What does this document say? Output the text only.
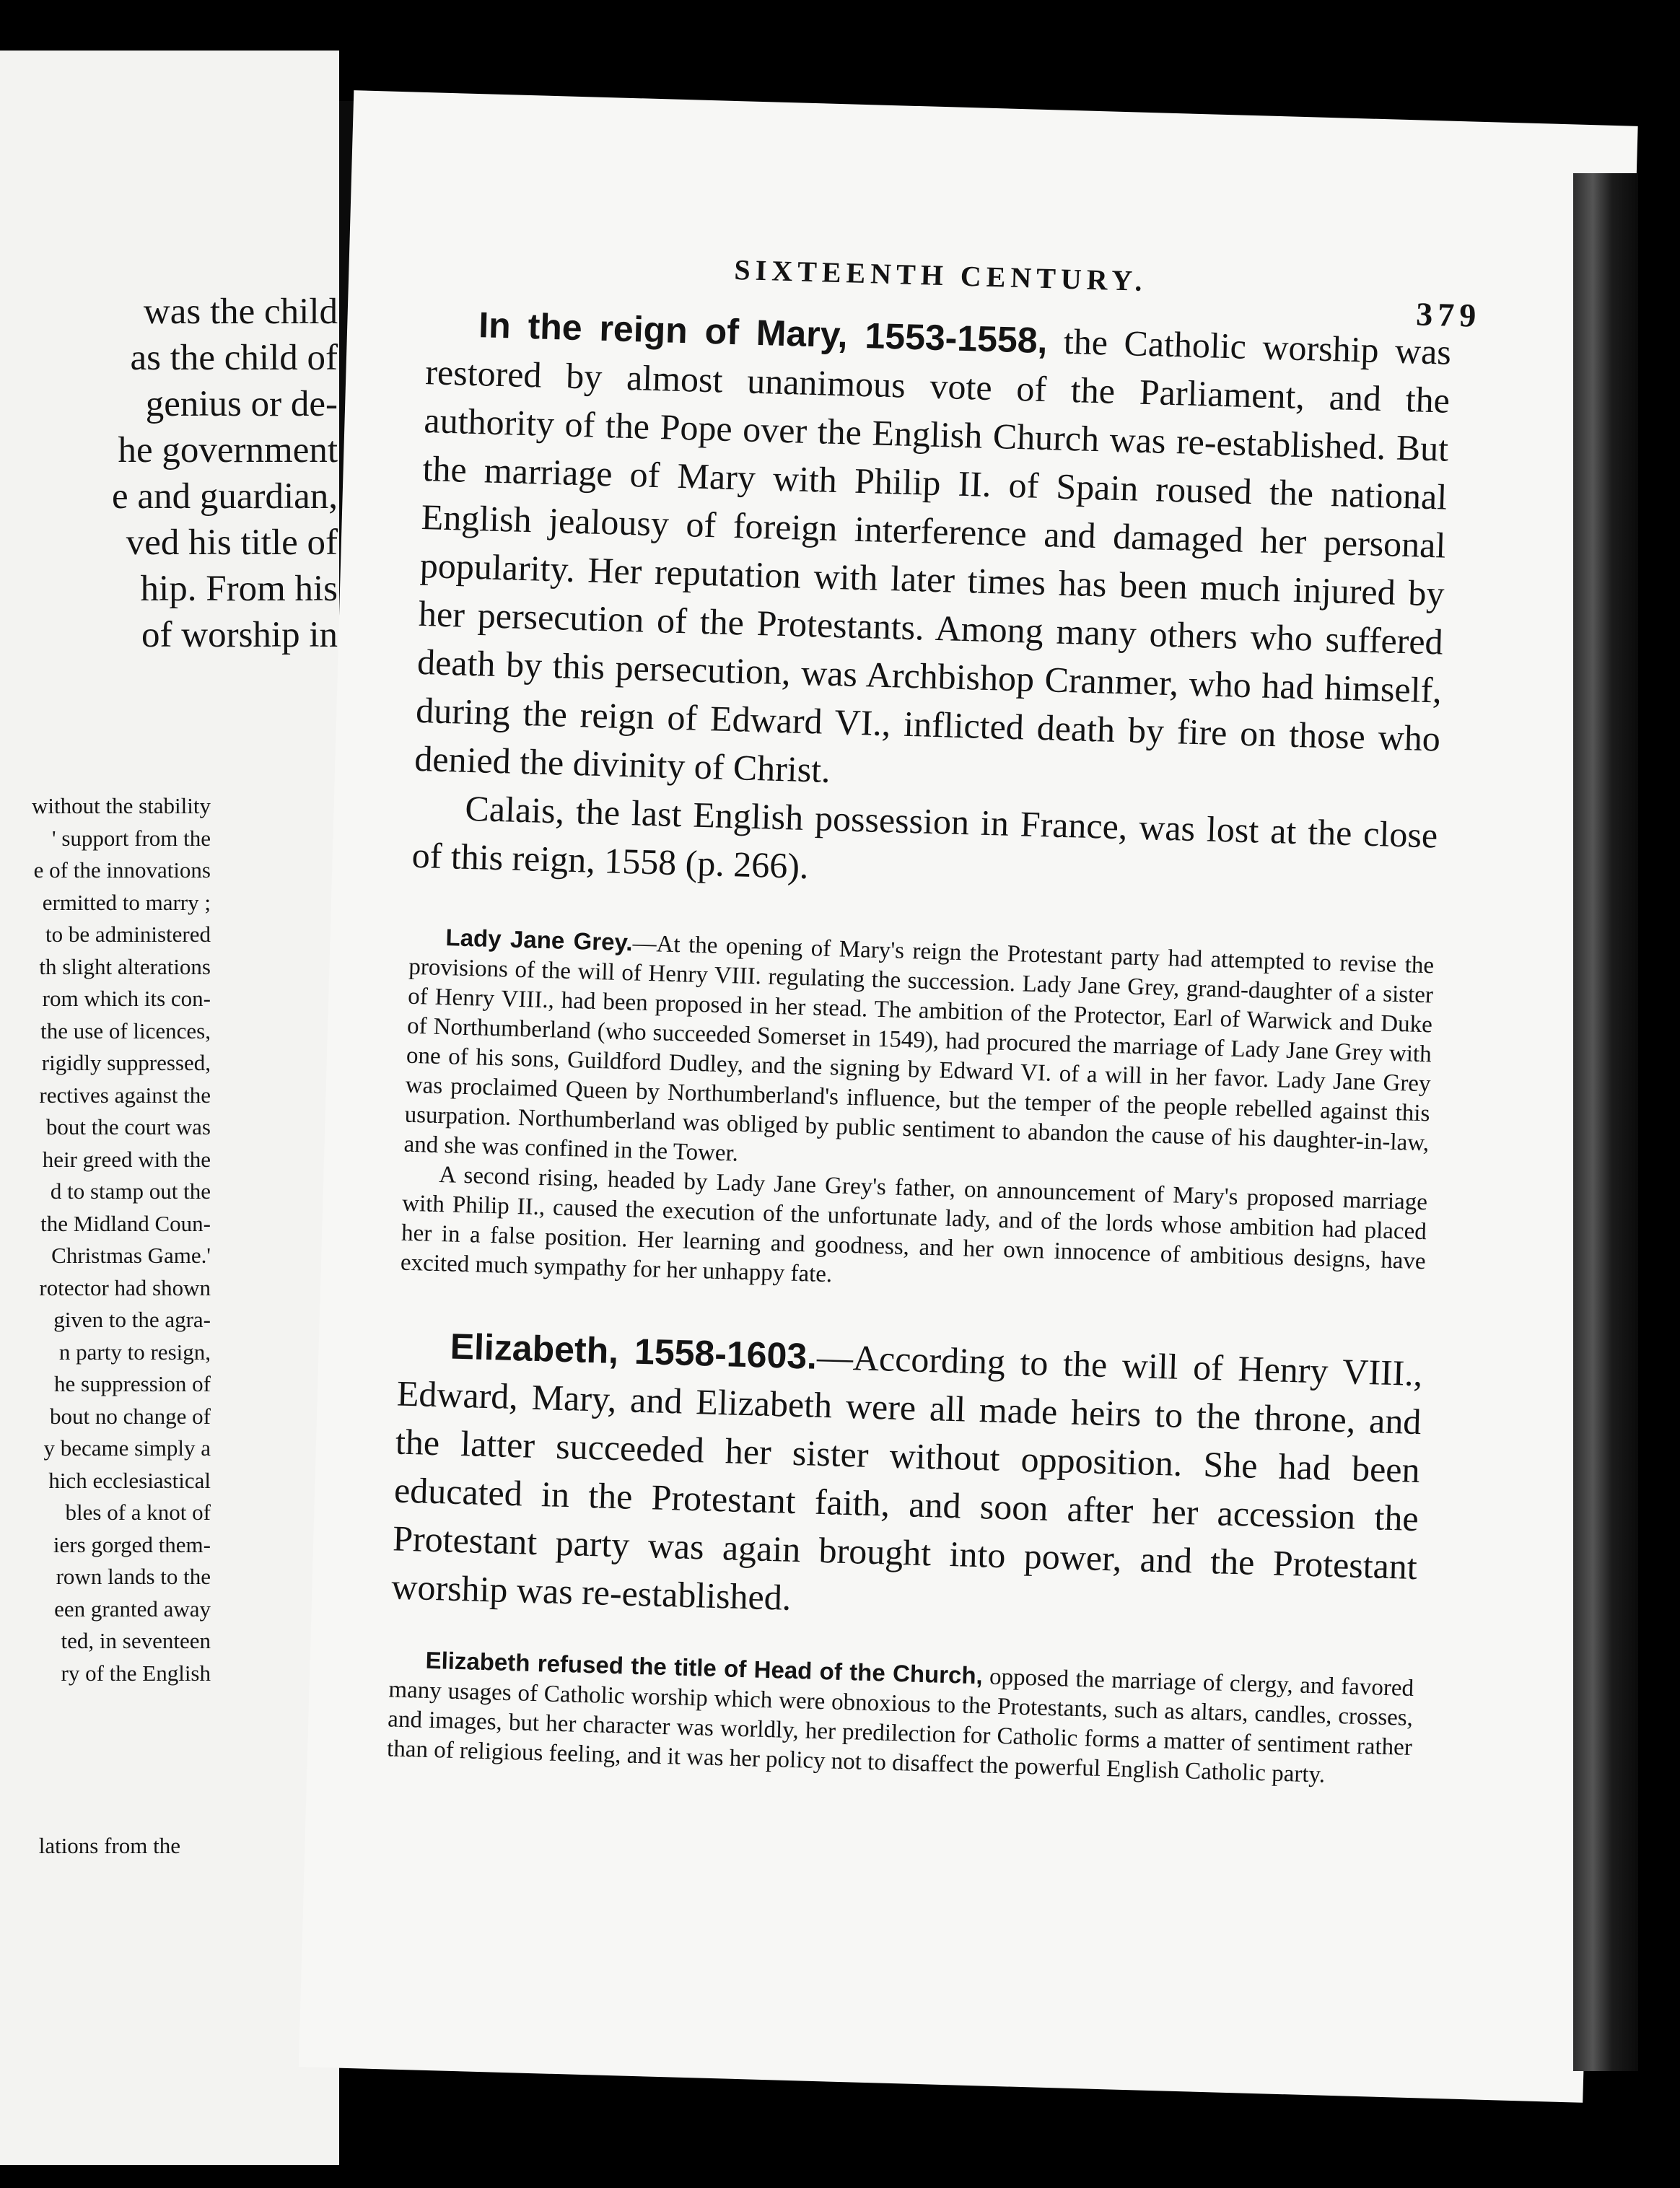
was the child
as the child of
genius or de-
he government
e and guardian,
ved his title of
hip. From his
of worship in
without the stability
' support from the
e of the innovations
ermitted to marry ;
to be administered
th slight alterations
rom which its con-
the use of licences,
rigidly suppressed,
rectives against the
bout the court was
heir greed with the
d to stamp out the
the Midland Coun-
Christmas Game.'
rotector had shown
given to the agra-
n party to resign,
he suppression of
bout no change of
y became simply a
hich ecclesiastical
bles of a knot of
iers gorged them-
rown lands to the
een granted away
ted, in seventeen
ry of the English
lations from the
SIXTEENTH CENTURY.
379

In the reign of Mary, 1553-1558, the Catholic worship was restored by almost unanimous vote of the Parliament, and the authority of the Pope over the English Church was re-established. But the marriage of Mary with Philip II. of Spain roused the national English jealousy of foreign interference and damaged her personal popularity. Her reputation with later times has been much injured by her persecution of the Protestants. Among many others who suffered death by this persecution, was Archbishop Cranmer, who had himself, during the reign of Edward VI., inflicted death by fire on those who denied the divinity of Christ.

Calais, the last English possession in France, was lost at the close of this reign, 1558 (p. 266).

Lady Jane Grey.—At the opening of Mary's reign the Protestant party had attempted to revise the provisions of the will of Henry VIII. regulating the succession. Lady Jane Grey, grand-daughter of a sister of Henry VIII., had been proposed in her stead. The ambition of the Protector, Earl of Warwick and Duke of Northumberland (who succeeded Somerset in 1549), had procured the marriage of Lady Jane Grey with one of his sons, Guildford Dudley, and the signing by Edward VI. of a will in her favor. Lady Jane Grey was proclaimed Queen by Northumberland's influence, but the temper of the people rebelled against this usurpation. Northumberland was obliged by public sentiment to abandon the cause of his daughter-in-law, and she was confined in the Tower.

A second rising, headed by Lady Jane Grey's father, on announcement of Mary's proposed marriage with Philip II., caused the execution of the unfortunate lady, and of the lords whose ambition had placed her in a false position. Her learning and goodness, and her own innocence of ambitious designs, have excited much sympathy for her unhappy fate.

Elizabeth, 1558-1603.—According to the will of Henry VIII., Edward, Mary, and Elizabeth were all made heirs to the throne, and the latter succeeded her sister without opposition. She had been educated in the Protestant faith, and soon after her accession the Protestant party was again brought into power, and the Protestant worship was re-established.

Elizabeth refused the title of Head of the Church, opposed the marriage of clergy, and favored many usages of Catholic worship which were obnoxious to the Protestants, such as altars, candles, crosses, and images, but her character was worldly, her predilection for Catholic forms a matter of sentiment rather than of religious feeling, and it was her policy not to disaffect the powerful English Catholic party.
